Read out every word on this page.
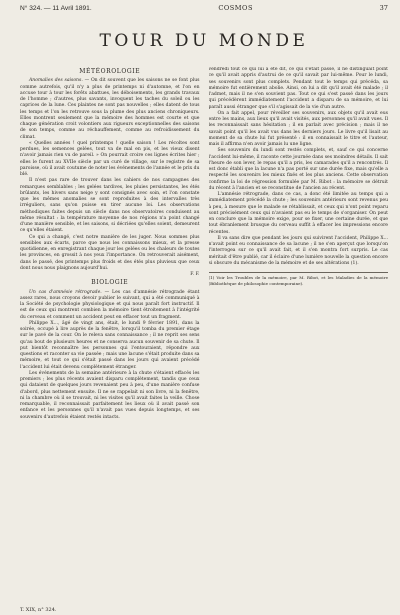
N° 324. — 11 Avril 1891.	COSMOS	37
TOUR DU MONDE
MÉTÉOROLOGIE

Anomalies des saisons. — On dit souvent que les saisons ne se font plus comme autrefois, qu'il n'y a plus de printemps ni d'automne, et l'on en accuse tour à tour les forêts abattues, les déboisements, les grands travaux de l'homme ; d'autres, plus savants, invoquent les taches du soleil ou les caprices de la lune. Ces plaintes ne sont pas nouvelles ; elles datent de tous les temps et l'on les retrouve sous la plume des plus anciens chroniqueurs. Elles montrent seulement que la mémoire des hommes est courte et que chaque génération croit volontiers aux rigueurs exceptionnelles des saisons de son temps, comme au réchauffement, comme au refroidissement du climat.

« Quelles années ! quel printemps ! quelle saison ! Les récoltes sont perdues, les semences gelées, tout va de mal en pis, et les vieux disent n'avoir jamais rien vu de pareil. » On pourrait croire ces lignes écrites hier ; elles le furent au XVIIe siècle par un curé de village, sur le registre de sa paroisse, où il avait coutume de noter les événements de l'année et le prix du blé.

Il n'est pas rare de trouver dans les cahiers de nos campagnes des remarques semblables ; les gelées tardives, les pluies persistantes, les étés brûlants, les hivers sans neige y sont consignés avec soin, et l'on constate que les mêmes anomalies se sont reproduites à des intervalles très irréguliers, sans qu'on puisse en tirer aucune loi. Les observations méthodiques faites depuis un siècle dans nos observatoires conduisent au même résultat : la température moyenne de nos régions n'a point changé d'une manière sensible, et les saisons, si décriées qu'elles soient, demeurent ce qu'elles étaient.

Ce qui a changé, c'est notre manière de les juger. Nous sommes plus sensibles aux écarts, parce que nous les connaissons mieux, et la presse quotidienne, en enregistrant chaque jour les gelées ou les chaleurs de toutes les provinces, en grossit à nos yeux l'importance. On retrouverait aisément, dans le passé, des printemps plus froids et des étés plus pluvieux que ceux dont nous nous plaignons aujourd'hui.

F. F.

BIOLOGIE

Un cas d'amnésie rétrograde. — Les cas d'amnésie rétrograde étant assez rares, nous croyons devoir publier le suivant, qui a été communiqué à la Société de psychologie physiologique et qui nous paraît fort instructif. Il est de ceux qui montrent combien la mémoire tient étroitement à l'intégrité du cerveau et comment un accident peut en effacer tout un fragment.

Philippe X..., âgé de vingt ans, était, le lundi 9 février 1891, dans la soirée, occupé à lire auprès de la fenêtre, lorsqu'il tomba du premier étage sur le pavé de la cour. On le releva sans connaissance ; il ne reprit ses sens qu'au bout de plusieurs heures et ne conserva aucun souvenir de sa chute. Il put bientôt reconnaître les personnes qui l'entouraient, répondre aux questions et raconter sa vie passée ; mais une lacune s'était produite dans sa mémoire, et tout ce qui s'était passé dans les jours qui avaient précédé l'accident lui était devenu complètement étranger.

Les événements de la semaine antérieure à la chute s'étaient effacés les premiers ; les plus récents avaient disparu complètement, tandis que ceux qui dataient de quelques jours revenaient peu à peu, d'une manière confuse d'abord, plus nettement ensuite. Il ne se rappelait ni son livre, ni la fenêtre, ni la chambre où il se trouvait, ni les visites qu'il avait faites la veille. Chose remarquable, il reconnaissait parfaitement les lieux où il avait passé son enfance et les personnes qu'il n'avait pas vues depuis longtemps, et ses souvenirs d'autrefois étaient restés intacts.

vendredi tout ce qui lui a été dit, ce qui s'était passé, il ne distinguait point ce qu'il avait appris d'autrui de ce qu'il savait par lui-même. Pour le lundi, ses souvenirs sont plus complets. Pendant tout le temps qui précéda, sa mémoire fut entièrement abolie. Ainsi, on lui a dit qu'il avait été malade ; il l'admet, mais il ne s'en souvient pas. Tout ce qui s'est passé dans les jours qui précédèrent immédiatement l'accident a disparu de sa mémoire, et lui paraît aussi étranger que s'il s'agissait de la vie d'un autre.

On a fait appel, pour réveiller ses souvenirs, aux objets qu'il avait eus entre les mains, aux lieux qu'il avait visités, aux personnes qu'il avait vues. Il les reconnaissait sans hésitation ; il en parlait avec précision ; mais il ne savait point qu'il les avait vus dans les derniers jours. Le livre qu'il lisait au moment de sa chute lui fut présenté : il en connaissait le titre et l'auteur, mais il affirma n'en avoir jamais lu une ligne.

Ses souvenirs du lundi sont restés complets, et, sauf ce qui concerne l'accident lui-même, il raconte cette journée dans ses moindres détails. Il sait l'heure de son lever, le repas qu'il a pris, les camarades qu'il a rencontrés. Il est donc établi que la lacune n'a pas porté sur une durée fixe, mais qu'elle a respecté les souvenirs les mieux fixés et les plus anciens. Cette observation confirme la loi de régression formulée par M. Ribot : la mémoire se détruit du récent à l'ancien et se reconstitue de l'ancien au récent.

L'amnésie rétrograde, dans ce cas, a donc été limitée au temps qui a immédiatement précédé la chute ; les souvenirs antérieurs sont revenus peu à peu, à mesure que le malade se rétablissait, et ceux qui n'ont point reparu sont précisément ceux qui n'avaient pas eu le temps de s'organiser. On peut en conclure que la mémoire exige, pour se fixer, une certaine durée, et que tout ébranlement brusque du cerveau suffit à effacer les impressions encore récentes.

Il va sans dire que pendant les jours qui suivirent l'accident, Philippe X... n'avait point eu connaissance de sa lacune ; il ne s'en aperçut que lorsqu'on l'interrogea sur ce qu'il avait fait, et il s'en montra fort surpris. Le cas méritait d'être publié, car il éclaire d'une lumière nouvelle la question encore si obscure du mécanisme de la mémoire et de ses altérations (1).

(1) Voir les Troubles de la mémoire, par M. Ribot, et les Maladies de la mémoire (Bibliothèque de philosophie contemporaine).
T. XIX, n° 324.
